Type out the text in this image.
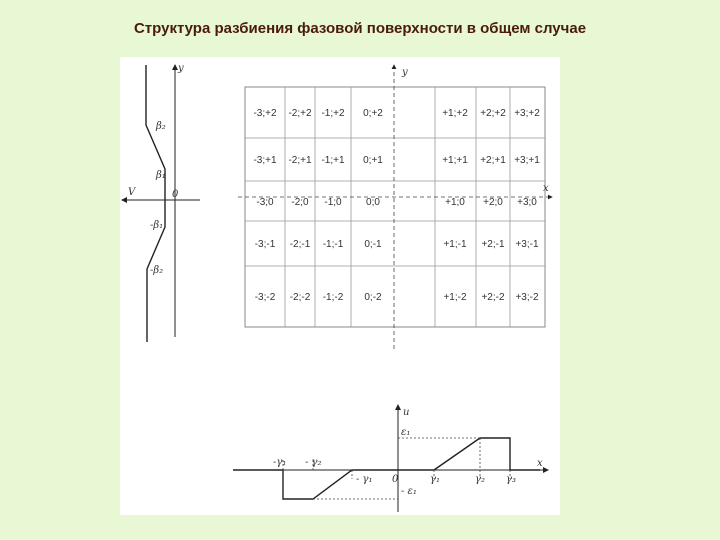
Структура разбиения фазовой поверхности в общем случае
y
V	0
β₂
β₁
-β₁
-β₂
y
x
-3;+2 -2;+2 -1;+2 0;+2	+1;+2 +2;+2 +3;+2
-3;+1 -2;+1 -1;+1 0;+1	+1;+1 +2;+1 +3;+1
-3;0 -2;0 -1;0 0;0	+1;0 +2;0 +3;0
-3;-1 -2;-1 -1;-1 0;-1	+1;-1 +2;-1 +3;-1
-3;-2 -2;-2 -1;-2 0;-2	+1;-2 +2;-2 +3;-2
u
x
ε₁
- ε₁
0
-γ₁ - γ₂
- γ₁	γ₁	γ₂ γ₃
